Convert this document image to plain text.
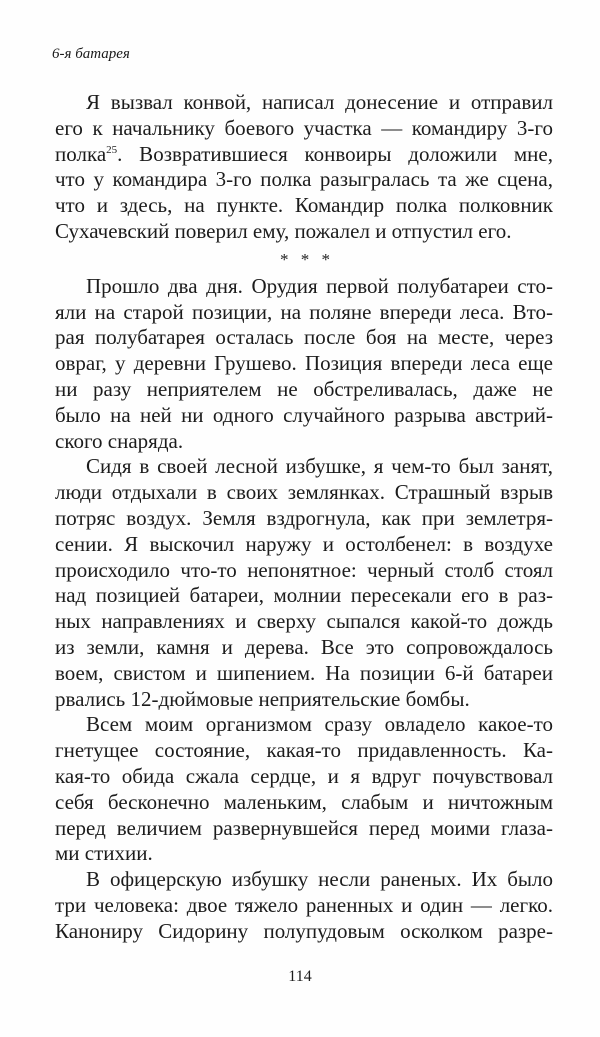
6-я батарея
Я вызвал конвой, написал донесение и отправил
его к начальнику боевого участка — командиру 3-го
полка$^{25}$. Возвратившиеся конвоиры доложили мне,
что у командира 3-го полка разыгралась та же сцена,
что и здесь, на пункте. Командир полка полковник
Сухачевский поверил ему, пожалел и отпустил его.
* * *
Прошло два дня. Орудия первой полубатареи сто-
яли на старой позиции, на поляне впереди леса. Вто-
рая полубатарея осталась после боя на месте, через
овраг, у деревни Грушево. Позиция впереди леса еще
ни разу неприятелем не обстреливалась, даже не
было на ней ни одного случайного разрыва австрий-
ского снаряда.
Сидя в своей лесной избушке, я чем-то был занят,
люди отдыхали в своих землянках. Страшный взрыв
потряс воздух. Земля вздрогнула, как при землетря-
сении. Я выскочил наружу и остолбенел: в воздухе
происходило что-то непонятное: черный столб стоял
над позицией батареи, молнии пересекали его в раз-
ных направлениях и сверху сыпался какой-то дождь
из земли, камня и дерева. Все это сопровождалось
воем, свистом и шипением. На позиции 6-й батареи
рвались 12-дюймовые неприятельские бомбы.
Всем моим организмом сразу овладело какое-то
гнетущее состояние, какая-то придавленность. Ка-
кая-то обида сжала сердце, и я вдруг почувствовал
себя бесконечно маленьким, слабым и ничтожным
перед величием развернувшейся перед моими глаза-
ми стихии.
В офицерскую избушку несли раненых. Их было
три человека: двое тяжело раненных и один — легко.
Канониру Сидорину полупудовым осколком разре-
114
